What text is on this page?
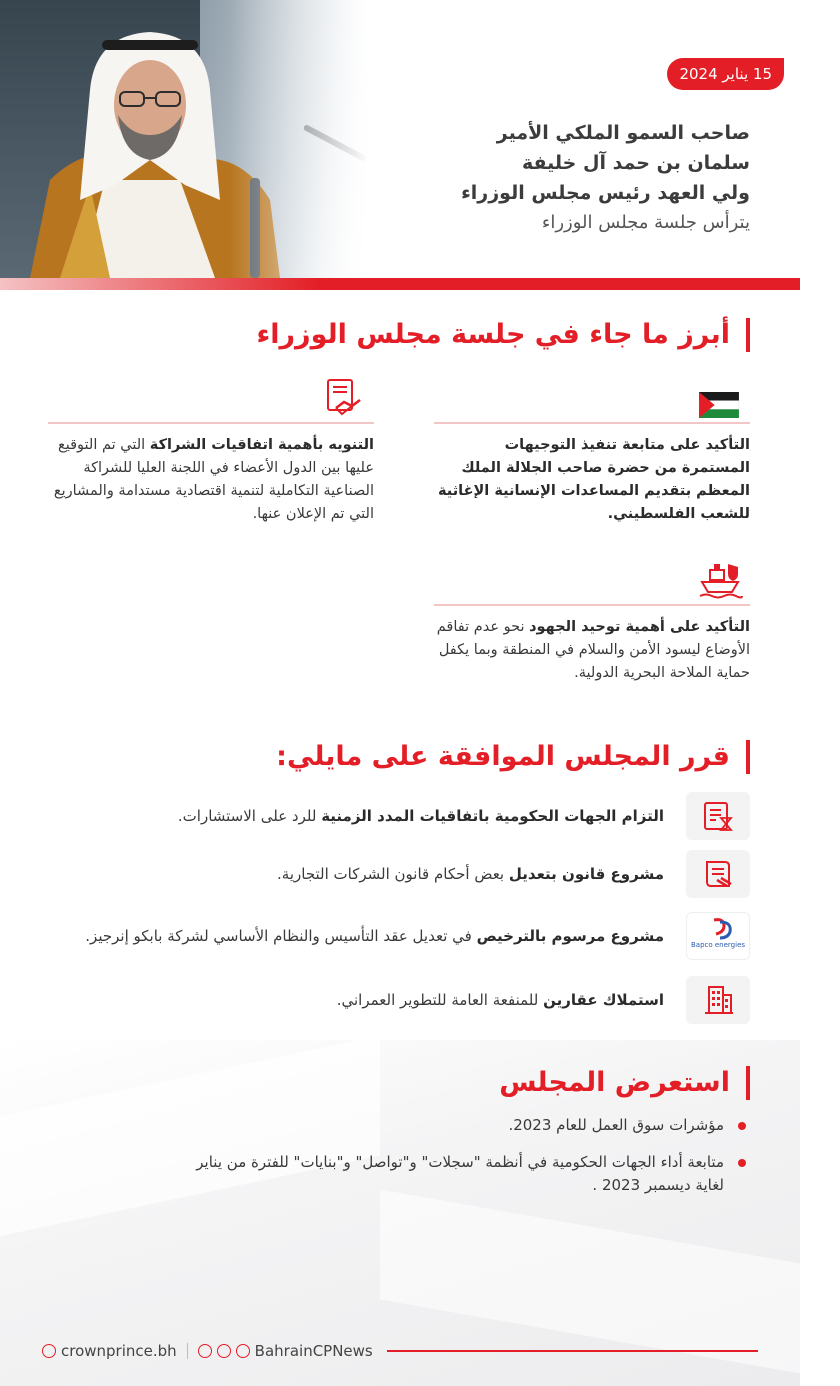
15 يناير 2024
صاحب السمو الملكي الأمير
سلمان بن حمد آل خليفة
ولي العهد رئيس مجلس الوزراء
يترأس جلسة مجلس الوزراء
أبرز ما جاء في جلسة مجلس الوزراء

التأكيد على متابعة تنفيذ التوجيهات المستمرة من حضرة صاحب الجلالة الملك المعظم بتقديم المساعدات الإنسانية الإغاثية للشعب الفلسطيني.

التنويه بأهمية اتفاقيات الشراكة التي تم التوقيع عليها بين الدول الأعضاء في اللجنة العليا للشراكة الصناعية التكاملية لتنمية اقتصادية مستدامة والمشاريع التي تم الإعلان عنها.

التأكيد على أهمية توحيد الجهود نحو عدم تفاقم الأوضاع ليسود الأمن والسلام في المنطقة وبما يكفل حماية الملاحة البحرية الدولية.

قرر المجلس الموافقة على مايلي:
التزام الجهات الحكومية باتفاقيات المدد الزمنية للرد على الاستشارات.
مشروع قانون بتعديل بعض أحكام قانون الشركات التجارية.
Bapco energies
مشروع مرسوم بالترخيص في تعديل عقد التأسيس والنظام الأساسي لشركة بابكو إنرجيز.
استملاك عقارين للمنفعة العامة للتطوير العمراني.
استعرض المجلس
مؤشرات سوق العمل للعام 2023.
متابعة أداء الجهات الحكومية في أنظمة "سجلات" و"تواصل" و"بنايات" للفترة من يناير لغاية ديسمبر 2023 .
crownprince.bh	BahrainCPNews
